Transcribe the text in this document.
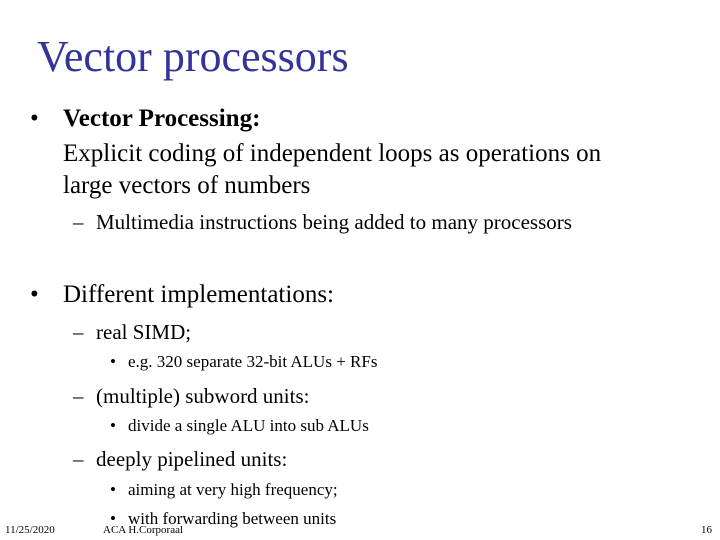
Vector processors
• Vector Processing:
Explicit coding of independent loops as operations on
large vectors of numbers
– Multimedia instructions being added to many processors
• Different implementations:
– real SIMD;
• e.g. 320 separate 32-bit ALUs + RFs
– (multiple) subword units:
• divide a single ALU into sub ALUs
– deeply pipelined units:
• aiming at very high frequency;
• with forwarding between units
11/25/2020	ACA H.Corporaal	16
